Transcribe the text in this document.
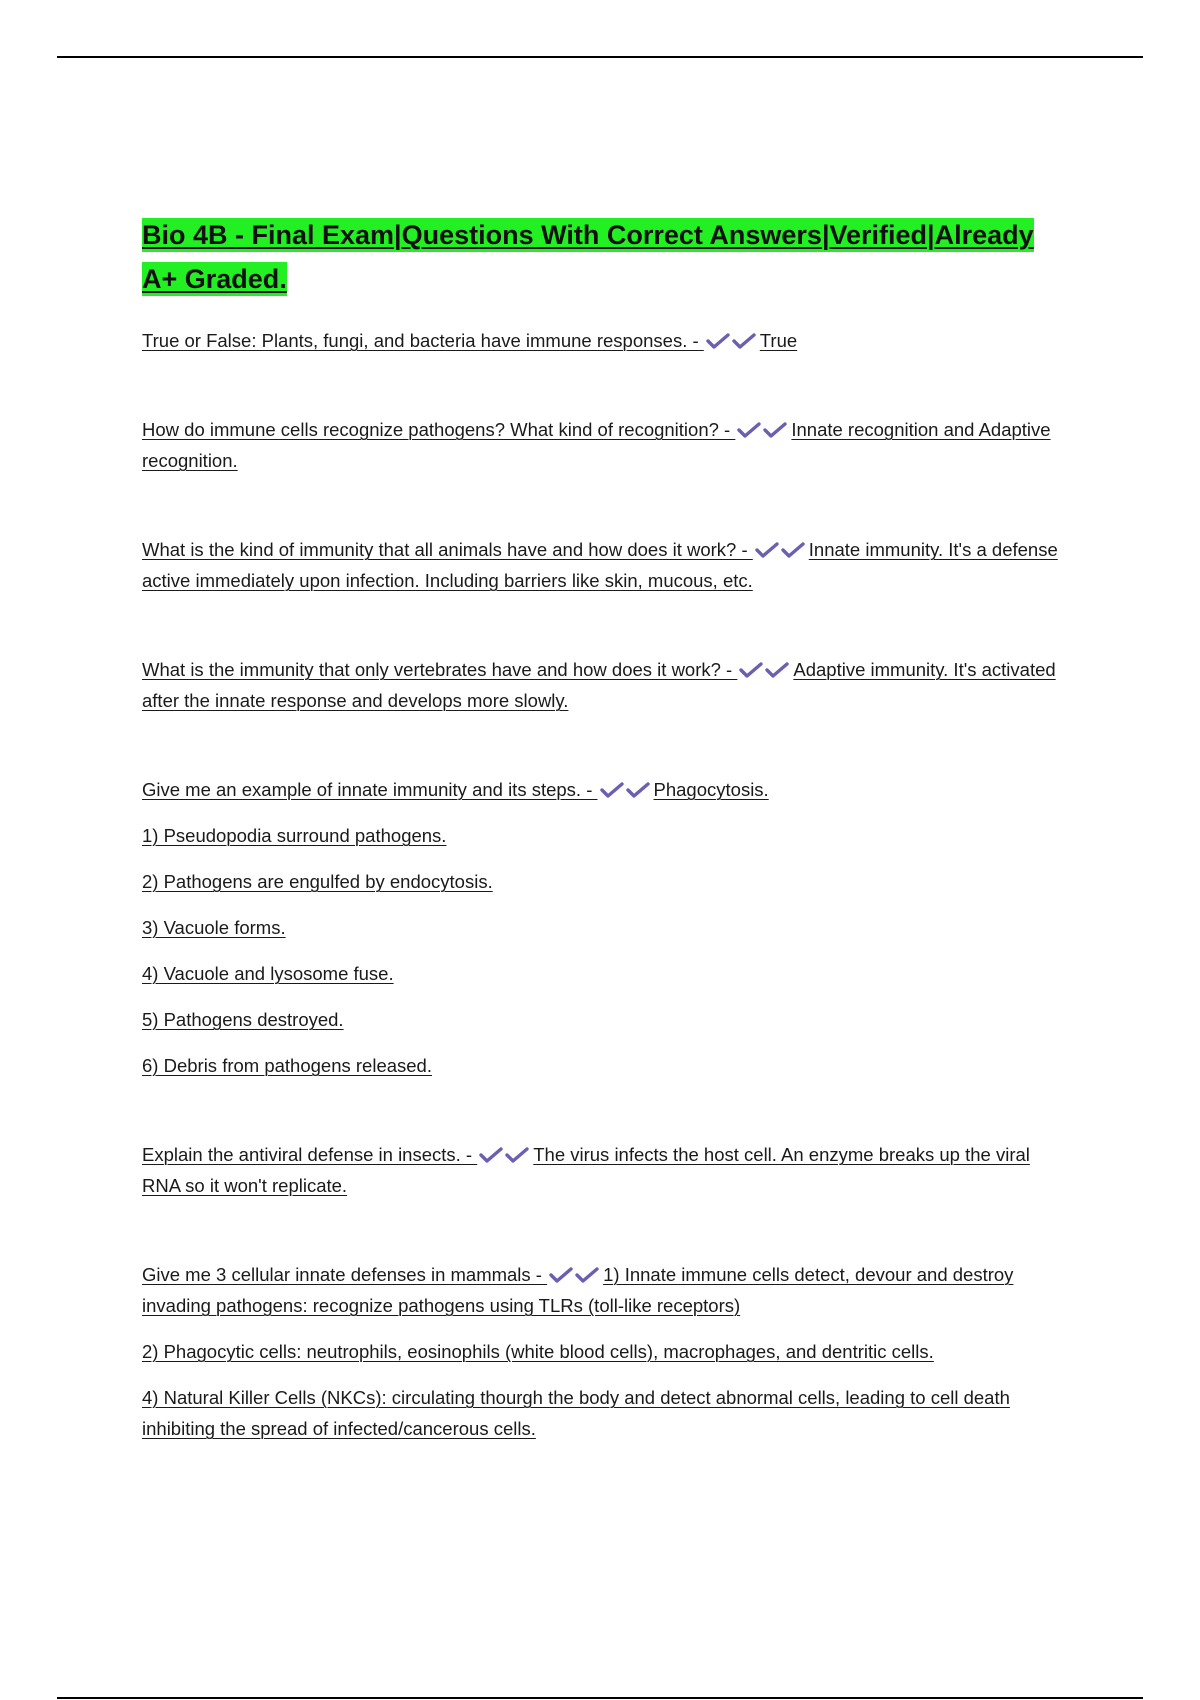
Bio 4B - Final Exam|Questions With Correct Answers|Verified|Already A+ Graded.

True or False: Plants, fungi, and bacteria have immune responses. -	True

How do immune cells recognize pathogens? What kind of recognition? -	Innate recognition and Adaptive recognition.

What is the kind of immunity that all animals have and how does it work? -	Innate immunity. It's a defense active immediately upon infection. Including barriers like skin, mucous, etc.

What is the immunity that only vertebrates have and how does it work? -	Adaptive immunity. It's activated after the innate response and develops more slowly.

Give me an example of innate immunity and its steps. -	Phagocytosis.

1) Pseudopodia surround pathogens.

2) Pathogens are engulfed by endocytosis.

3) Vacuole forms.

4) Vacuole and lysosome fuse.

5) Pathogens destroyed.

6) Debris from pathogens released.

Explain the antiviral defense in insects. -	The virus infects the host cell. An enzyme breaks up the viral RNA so it won't replicate.

Give me 3 cellular innate defenses in mammals -	1) Innate immune cells detect, devour and destroy invading pathogens: recognize pathogens using TLRs (toll-like receptors)

2) Phagocytic cells: neutrophils, eosinophils (white blood cells), macrophages, and dentritic cells.

4) Natural Killer Cells (NKCs): circulating thourgh the body and detect abnormal cells, leading to cell death inhibiting the spread of infected/cancerous cells.
